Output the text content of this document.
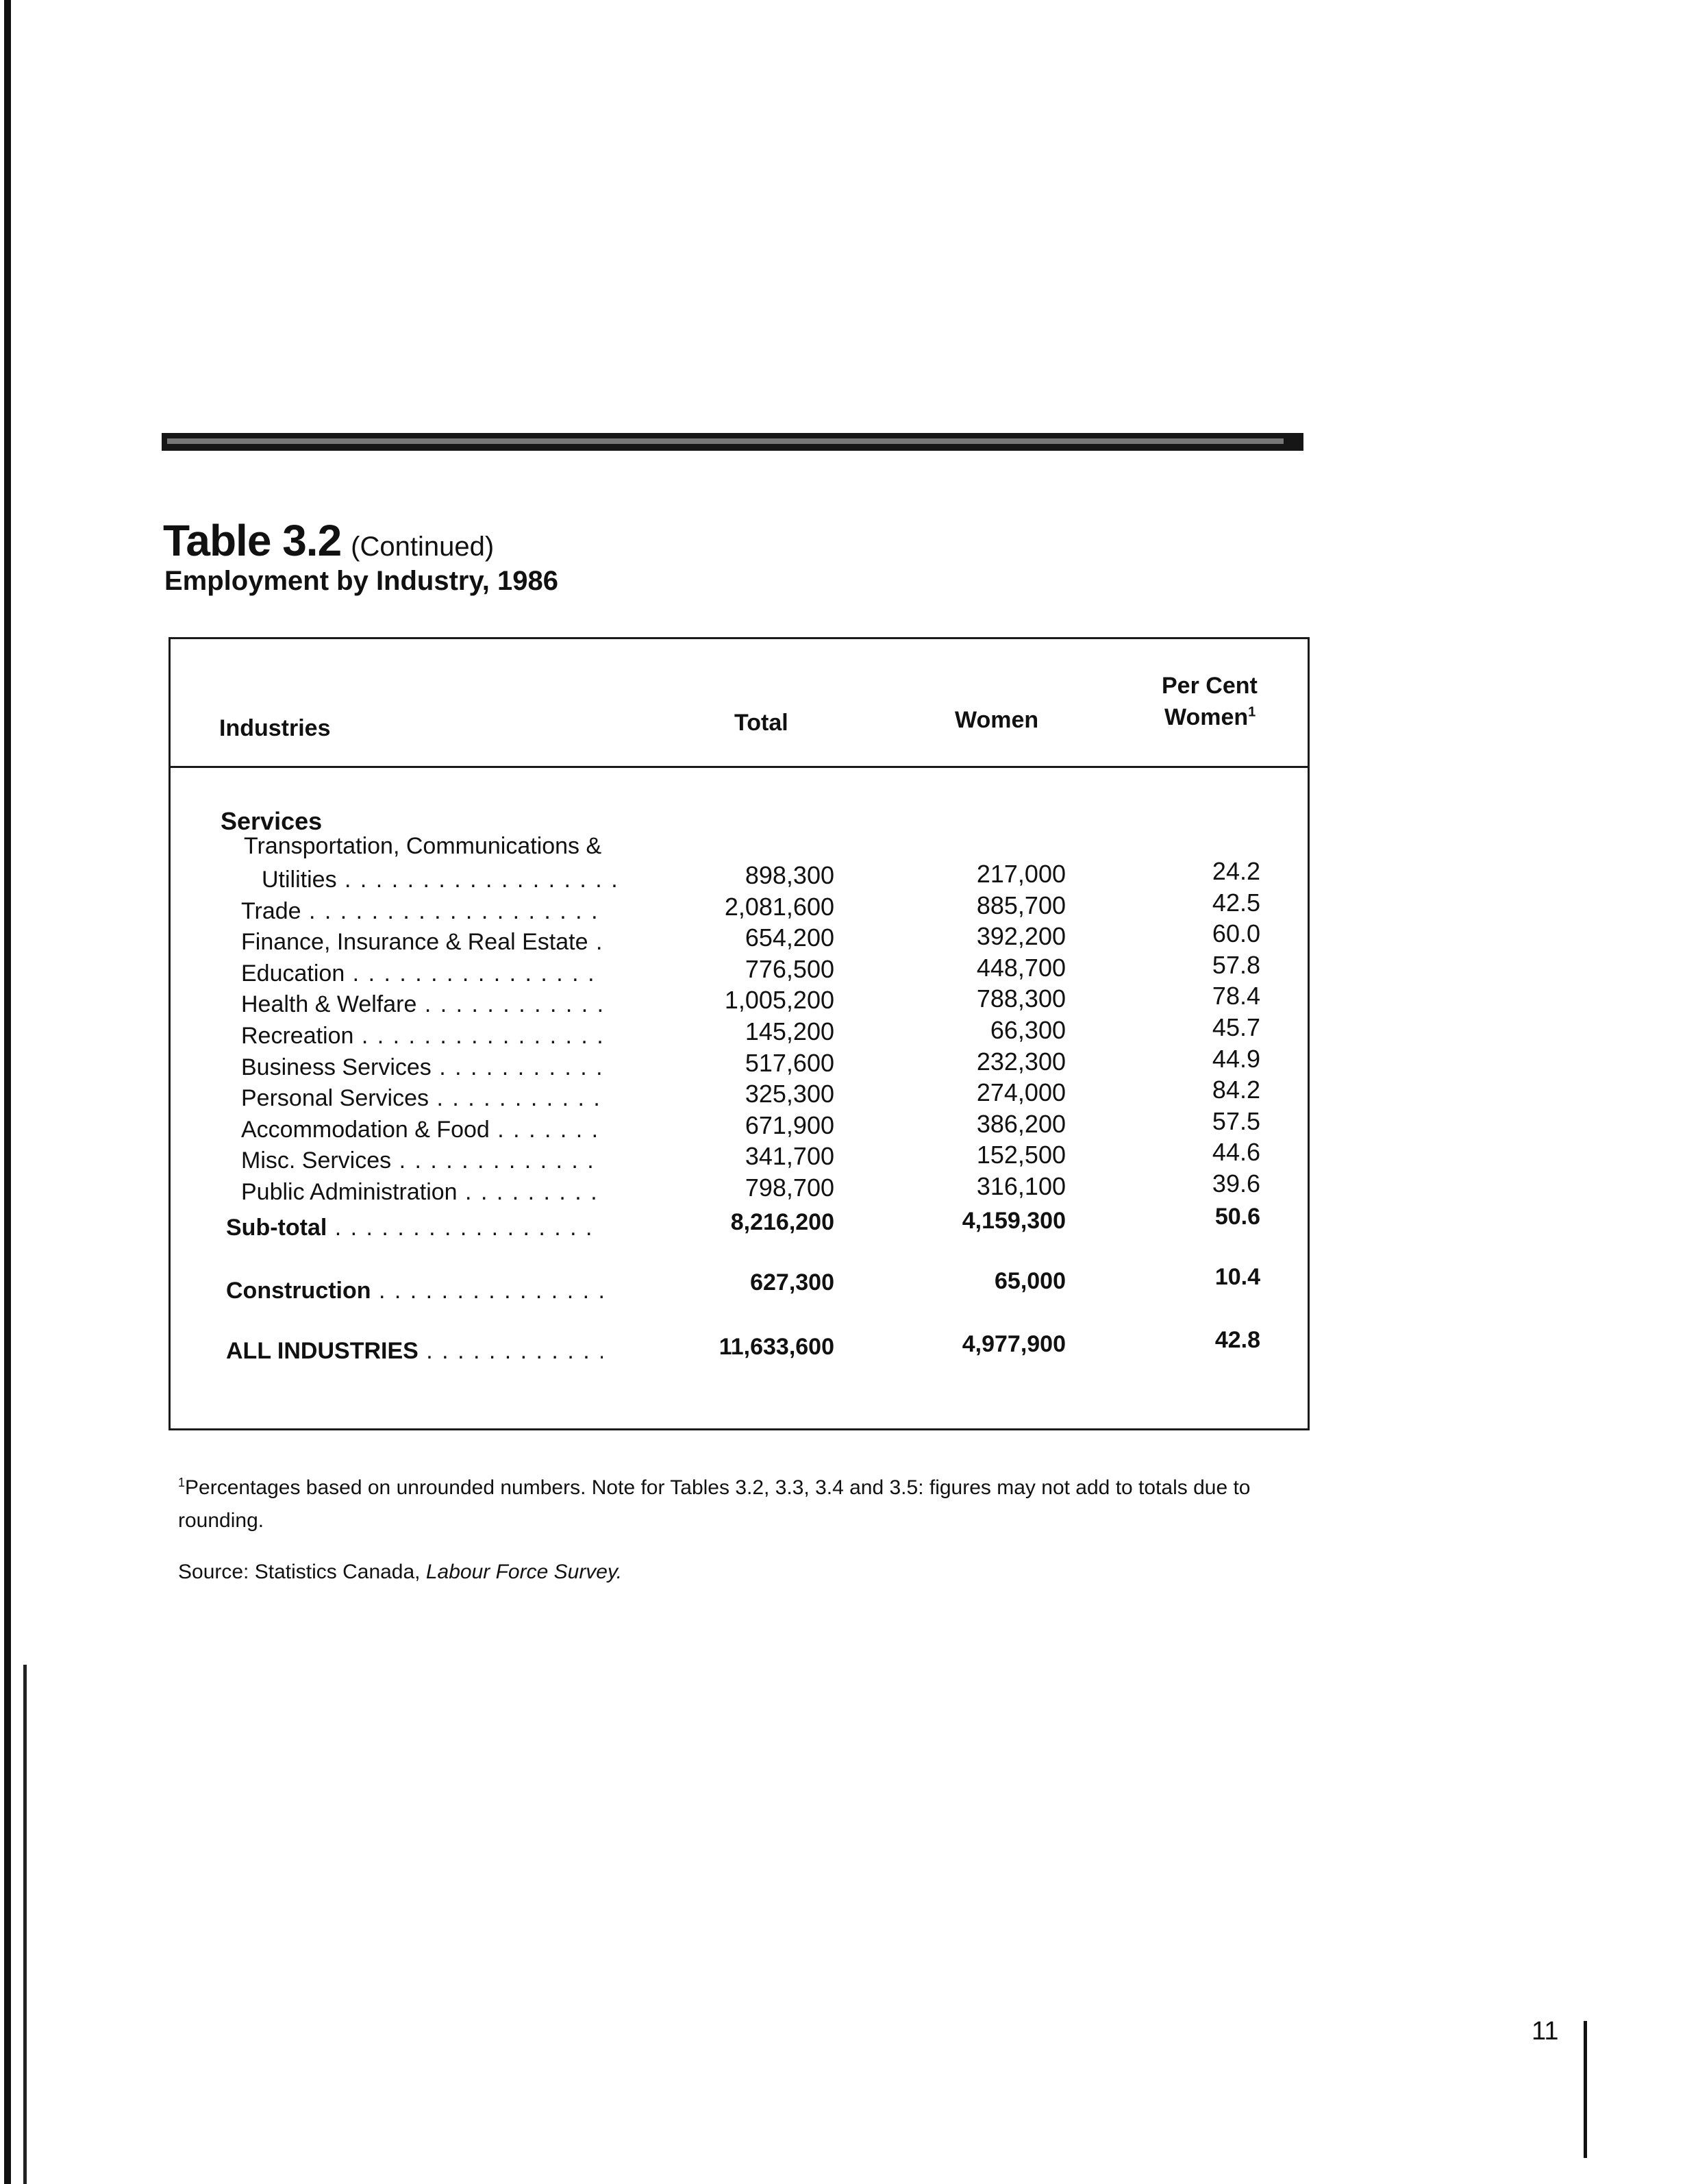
Table 3.2 (Continued)
Employment by Industry, 1986
Industries	Total	Women
Per Cent
Women$^1$
Services
Transportation, Communications &
Utilities . . .	898,300	217,000	24.2
Trade . . .	2,081,600	885,700	42.5
Finance, Insurance & Real Estate . . .	654,200	392,200	60.0
Education . . .	776,500	448,700	57.8
Health & Welfare . . .	1,005,200	788,300	78.4
Recreation . . .	145,200	66,300	45.7
Business Services . . .	517,600	232,300	44.9
Personal Services . . .	325,300	274,000	84.2
Accommodation & Food . . .	671,900	386,200	57.5
Misc. Services . . .	341,700	152,500	44.6
Public Administration . . .	798,700	316,100	39.6
Sub-total . . .	8,216,200	4,159,300	50.6
Construction . . .	627,300	65,000	10.4
ALL INDUSTRIES . . .	11,633,600	4,977,900	42.8
$^1$Percentages based on unrounded numbers. Note for Tables 3.2, 3.3, 3.4 and 3.5: figures may not add to totals due to rounding.
Source: Statistics Canada, Labour Force Survey.
11
